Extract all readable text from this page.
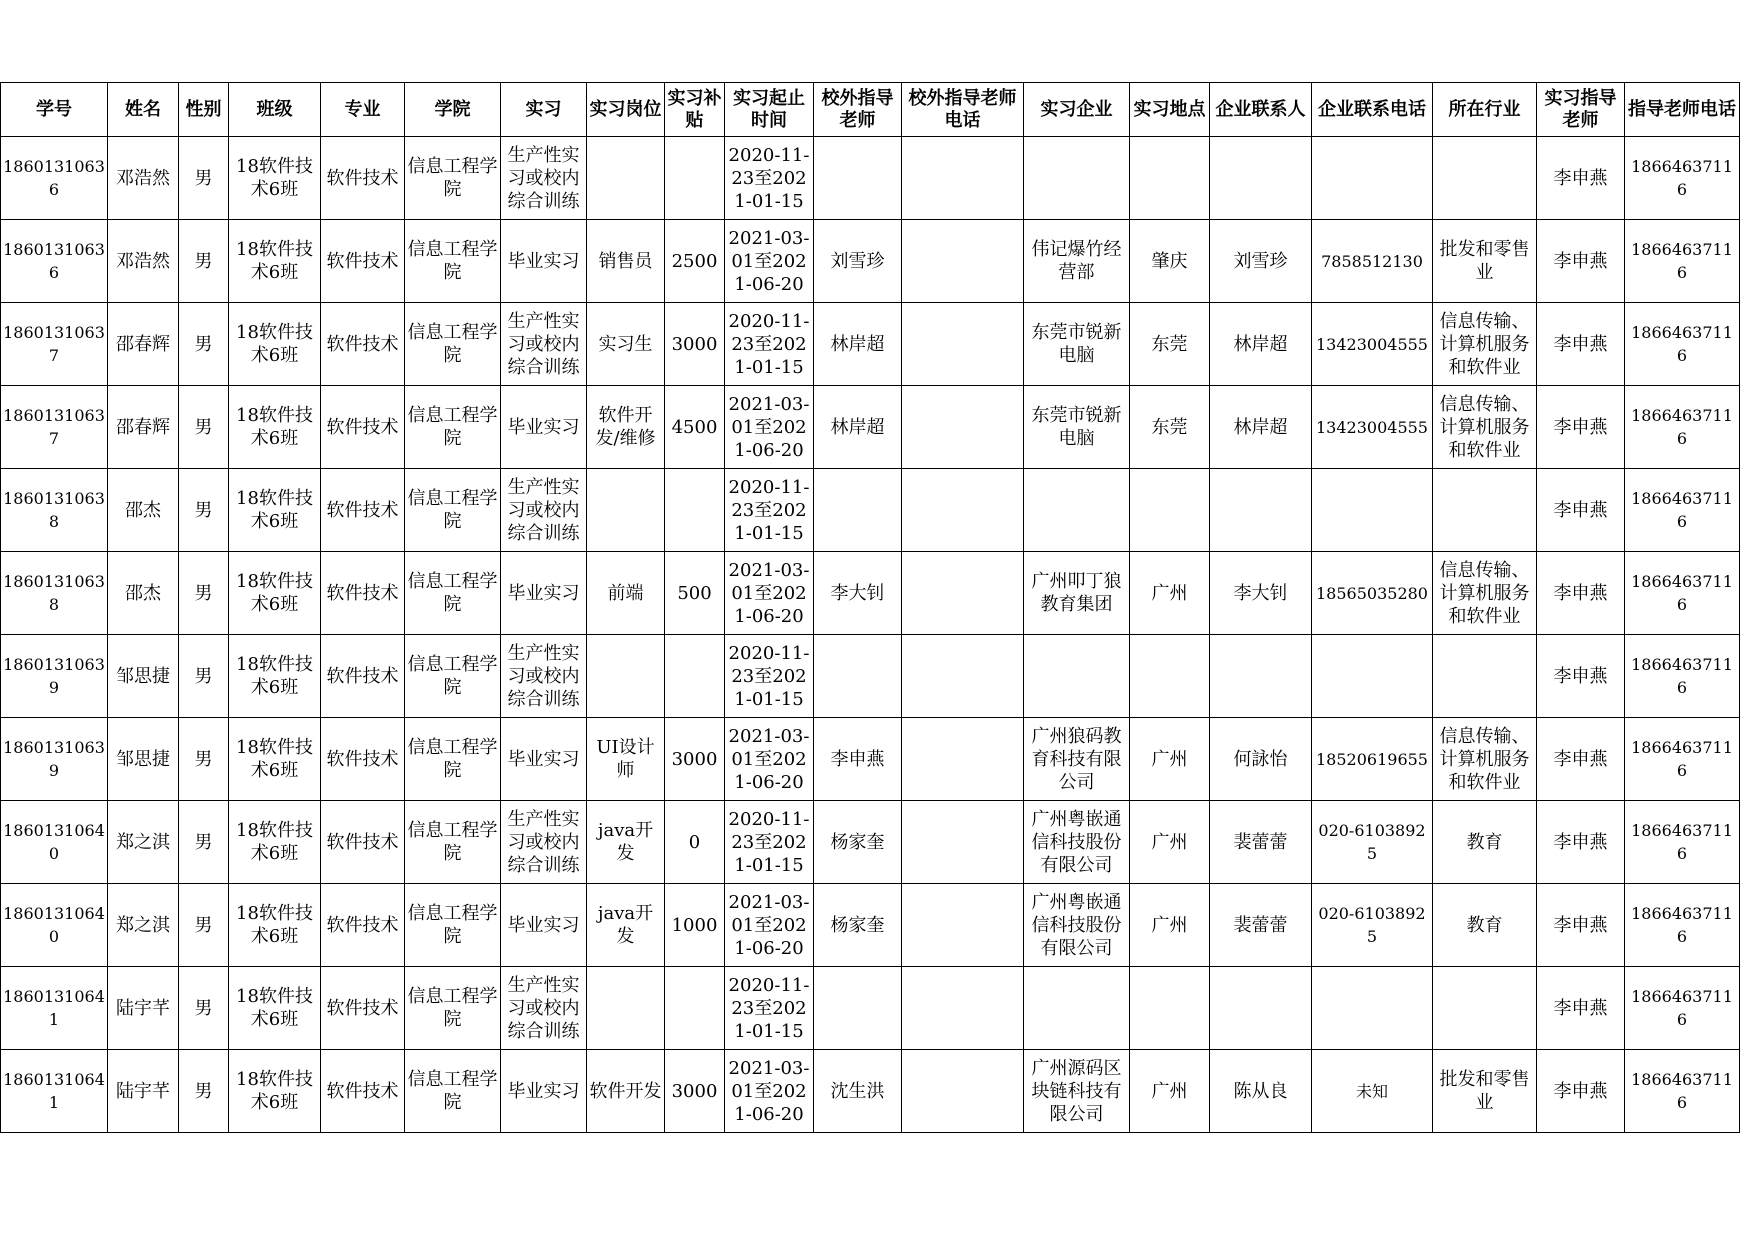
学号	姓名	性别	班级	专业	学院	实习	实习岗位	实习补贴	实习起止时间	校外指导老师	校外指导老师电话	实习企业	实习地点	企业联系人	企业联系电话	所在行业	实习指导老师	指导老师电话

18601310636	邓浩然	男	18软件技术6班	软件技术	信息工程学院	生产性实习或校内综合训练			2020-11-23至2021-01-15								李申燕	18664637116

18601310636	邓浩然	男	18软件技术6班	软件技术	信息工程学院	毕业实习	销售员	2500	2021-03-01至2021-06-20	刘雪珍		伟记爆竹经营部	肇庆	刘雪珍	7858512130	批发和零售业	李申燕	18664637116

18601310637	邵春辉	男	18软件技术6班	软件技术	信息工程学院	生产性实习或校内综合训练	实习生	3000	2020-11-23至2021-01-15	林岸超		东莞市锐新电脑	东莞	林岸超	13423004555	信息传输、计算机服务和软件业	李申燕	18664637116

18601310637	邵春辉	男	18软件技术6班	软件技术	信息工程学院	毕业实习	软件开发/维修	4500	2021-03-01至2021-06-20	林岸超		东莞市锐新电脑	东莞	林岸超	13423004555	信息传输、计算机服务和软件业	李申燕	18664637116

18601310638	邵杰	男	18软件技术6班	软件技术	信息工程学院	生产性实习或校内综合训练			2020-11-23至2021-01-15								李申燕	18664637116

18601310638	邵杰	男	18软件技术6班	软件技术	信息工程学院	毕业实习	前端	500	2021-03-01至2021-06-20	李大钊		广州叩丁狼教育集团	广州	李大钊	18565035280	信息传输、计算机服务和软件业	李申燕	18664637116

18601310639	邹思捷	男	18软件技术6班	软件技术	信息工程学院	生产性实习或校内综合训练			2020-11-23至2021-01-15								李申燕	18664637116

18601310639	邹思捷	男	18软件技术6班	软件技术	信息工程学院	毕业实习	UI设计师	3000	2021-03-01至2021-06-20	李申燕		广州狼码教育科技有限公司	广州	何詠怡	18520619655	信息传输、计算机服务和软件业	李申燕	18664637116

18601310640	郑之淇	男	18软件技术6班	软件技术	信息工程学院	生产性实习或校内综合训练	java开发	0	2020-11-23至2021-01-15	杨家奎		广州粤嵌通信科技股份有限公司	广州	裴蕾蕾	020-61038925	教育	李申燕	18664637116

18601310640	郑之淇	男	18软件技术6班	软件技术	信息工程学院	毕业实习	java开发	1000	2021-03-01至2021-06-20	杨家奎		广州粤嵌通信科技股份有限公司	广州	裴蕾蕾	020-61038925	教育	李申燕	18664637116

18601310641	陆宇芊	男	18软件技术6班	软件技术	信息工程学院	生产性实习或校内综合训练			2020-11-23至2021-01-15								李申燕	18664637116

18601310641	陆宇芊	男	18软件技术6班	软件技术	信息工程学院	毕业实习	软件开发	3000	2021-03-01至2021-06-20	沈生洪		广州源码区块链科技有限公司	广州	陈从良	未知	批发和零售业	李申燕	18664637116
